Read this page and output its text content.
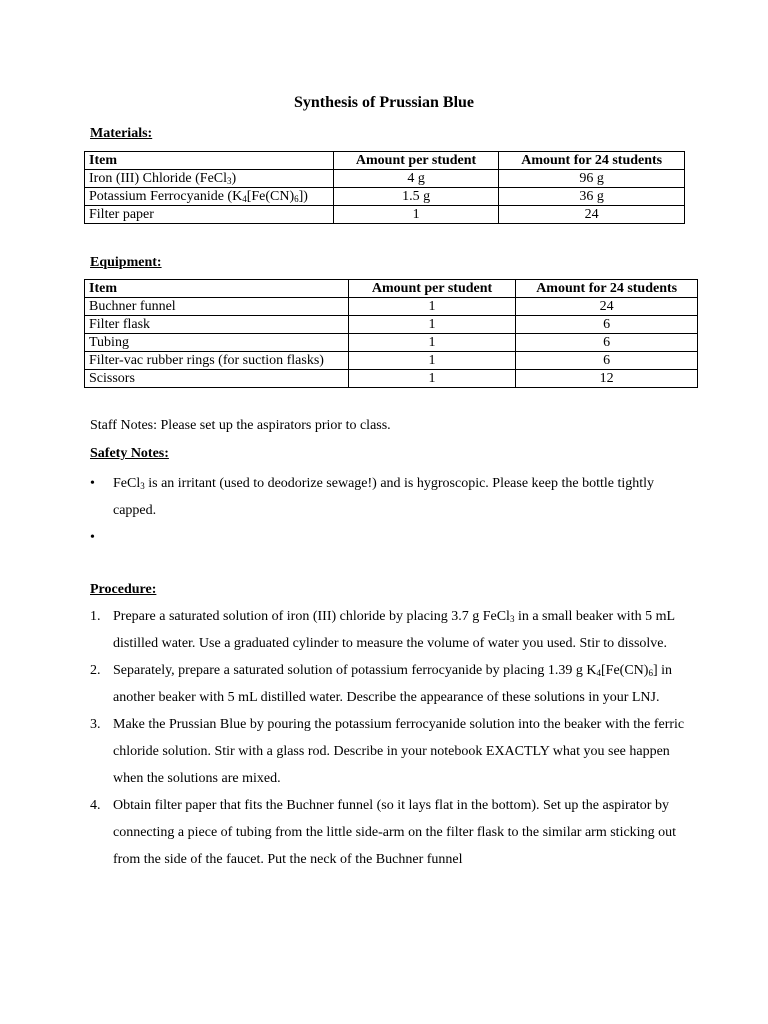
Synthesis of Prussian Blue
Materials:
Item	Amount per student	Amount for 24 students
Iron (III) Chloride (FeCl$_3$)	4 g	96 g
Potassium Ferrocyanide $(K_4[Fe(CN)_6])$	1.5 g	36 g
Filter paper	1	24
Equipment:
Item	Amount per student	Amount for 24 students
Buchner funnel	1	24
Filter flask	1	6
Tubing	1	6
Filter-vac rubber rings (for suction flasks)	1	6
Scissors	1	12
Staff Notes: Please set up the aspirators prior to class.
Safety Notes:
•	FeCl$_3$ is an irritant (used to deodorize sewage!) and is hygroscopic. Please keep the bottle tightly capped.
•
Procedure:
1. Prepare a saturated solution of iron (III) chloride by placing 3.7 g FeCl$_3$ in a small beaker with 5 mL distilled water. Use a graduated cylinder to measure the volume of water you used. Stir to dissolve.
2. Separately, prepare a saturated solution of potassium ferrocyanide by placing 1.39 g $K_4[Fe(CN)_6]$ in another beaker with 5 mL distilled water. Describe the appearance of these solutions in your LNJ.
3. Make the Prussian Blue by pouring the potassium ferrocyanide solution into the beaker with the ferric chloride solution. Stir with a glass rod. Describe in your notebook EXACTLY what you see happen when the solutions are mixed.
4. Obtain filter paper that fits the Buchner funnel (so it lays flat in the bottom). Set up the aspirator by connecting a piece of tubing from the little side-arm on the filter flask to the similar arm sticking out from the side of the faucet. Put the neck of the Buchner funnel
